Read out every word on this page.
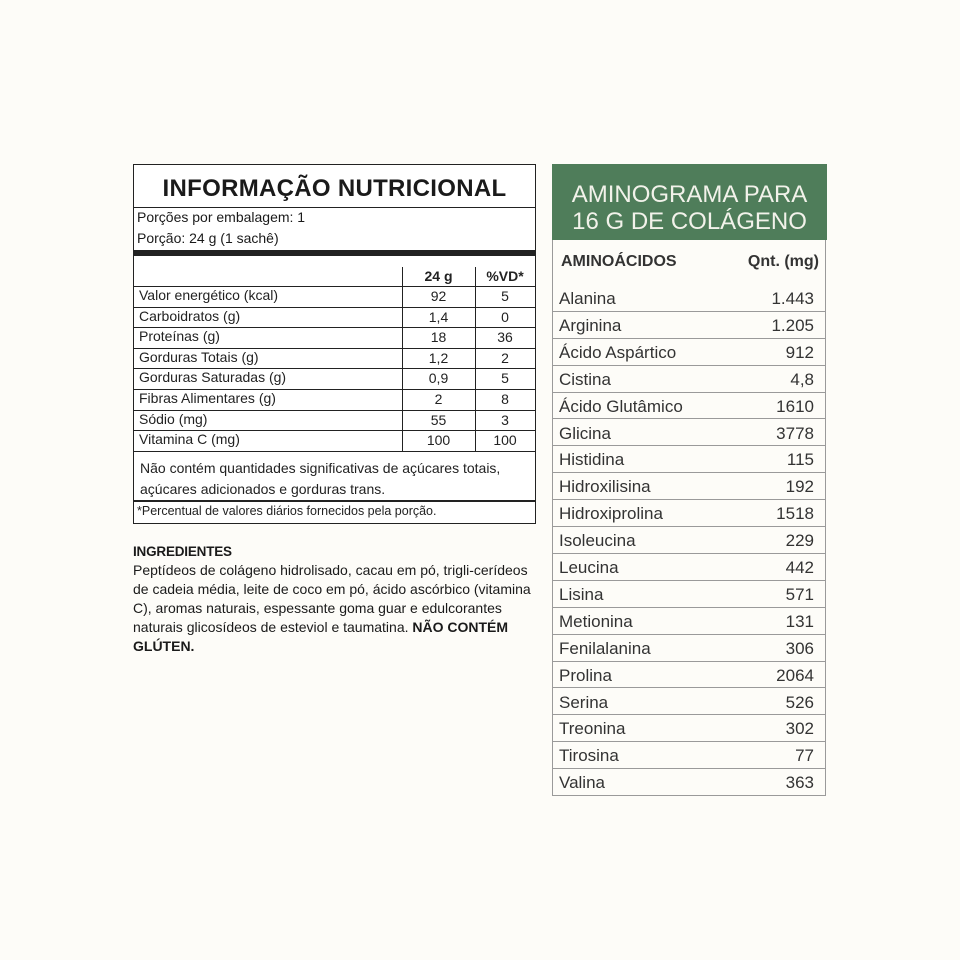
INFORMAÇÃO NUTRICIONAL
Porções por embalagem: 1
Porção: 24 g (1 sachê)
24 g	%VD*
Não contém quantidades significativas de açúcares totais, açúcares adicionados e gorduras trans.
*Percentual de valores diários fornecidos pela porção.
Valor energético (kcal)	92	5
Carboidratos (g)	1,4	0
Proteínas (g)	18	36
Gorduras Totais (g)	1,2	2
Gorduras Saturadas (g)	0,9	5
Fibras Alimentares (g)	2	8
Sódio (mg)	55	3
Vitamina C (mg)	100	100
INGREDIENTES
Peptídeos de colágeno hidrolisado, cacau em pó, trigli-cerídeos de cadeia média, leite de coco em pó, ácido ascórbico (vitamina C), aromas naturais, espessante goma guar e edulcorantes naturais glicosídeos de esteviol e taumatina. NÃO CONTÉM GLÚTEN.
AMINOGRAMA PARA
16 G DE COLÁGENO
AMINOÁCIDOS	Qnt. (mg)
Alanina	1.443
Arginina	1.205
Ácido Aspártico	912
Cistina	4,8
Ácido Glutâmico	1610
Glicina	3778
Histidina	115
Hidroxilisina	192
Hidroxiprolina	1518
Isoleucina	229
Leucina	442
Lisina	571
Metionina	131
Fenilalanina	306
Prolina	2064
Serina	526
Treonina	302
Tirosina	77
Valina	363
